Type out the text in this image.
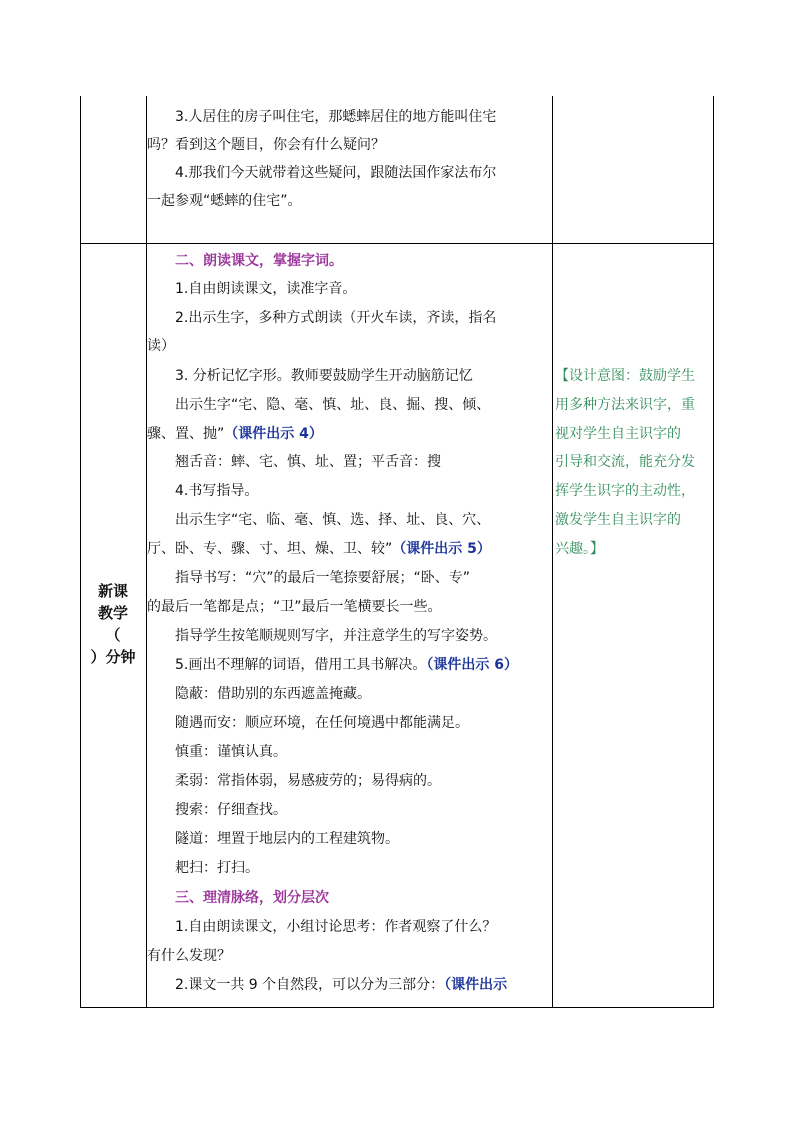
3.人居住的房子叫住宅，那蟋蟀居住的地方能叫住宅
吗？看到这个题目，你会有什么疑问？
4.那我们今天就带着这些疑问，跟随法国作家法布尔
一起参观“蟋蟀的住宅”。
新课
教学
（
）分钟
二、朗读课文，掌握字词。
1.自由朗读课文，读准字音。
2.出示生字，多种方式朗读（开火车读，齐读，指名
读）
3. 分析记忆字形。教师要鼓励学生开动脑筋记忆
出示生字“宅、隐、毫、慎、址、良、掘、搜、倾、
骤、置、抛”（课件出示 4）
翘舌音：蟀、宅、慎、址、置；平舌音：搜
4.书写指导。
出示生字“宅、临、毫、慎、选、择、址、良、穴、
厅、卧、专、骤、寸、坦、燥、卫、较”（课件出示 5）
指导书写：“穴”的最后一笔捺要舒展；“卧、专”
的最后一笔都是点；“卫”最后一笔横要长一些。
指导学生按笔顺规则写字，并注意学生的写字姿势。
5.画出不理解的词语，借用工具书解决。（课件出示 6）
隐蔽：借助别的东西遮盖掩藏。
随遇而安：顺应环境，在任何境遇中都能满足。
慎重：谨慎认真。
柔弱：常指体弱，易感疲劳的；易得病的。
搜索：仔细查找。
隧道：埋置于地层内的工程建筑物。
耙扫：打扫。
三、理清脉络，划分层次
1.自由朗读课文，小组讨论思考：作者观察了什么？
有什么发现？
2.课文一共 9 个自然段，可以分为三部分：（课件出示
【设计意图：鼓励学生
用多种方法来识字，重
视对学生自主识字的
引导和交流，能充分发
挥学生识字的主动性，
激发学生自主识字的
兴趣。】
